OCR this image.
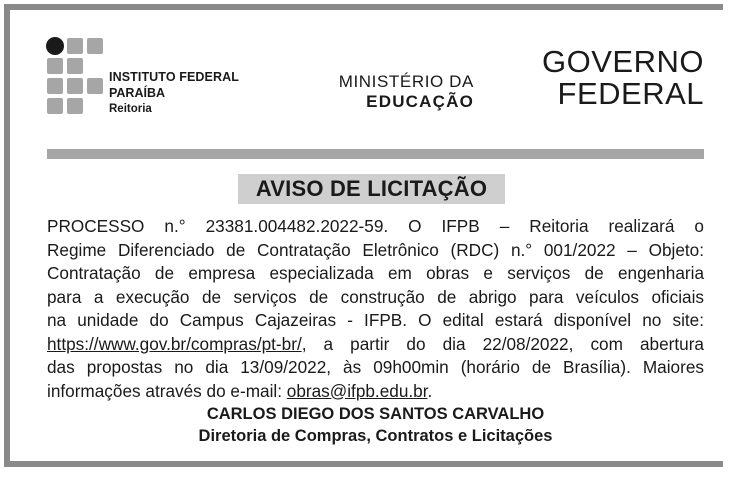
INSTITUTO FEDERAL
PARAÍBA
Reitoria
MINISTÉRIO DA
EDUCAÇÃO
GOVERNO
FEDERAL
AVISO DE LICITAÇÃO
PROCESSO n.° 23381.004482.2022-59. O IFPB – Reitoria realizará o
Regime Diferenciado de Contratação Eletrônico (RDC) n.° 001/2022 – Objeto:
Contratação de empresa especializada em obras e serviços de engenharia
para a execução de serviços de construção de abrigo para veículos oficiais
na unidade do Campus Cajazeiras - IFPB. O edital estará disponível no site:
https://www.gov.br/compras/pt-br/, a partir do dia 22/08/2022, com abertura
das propostas no dia 13/09/2022, às 09h00min (horário de Brasília). Maiores
informações através do e-mail: obras@ifpb.edu.br.
CARLOS DIEGO DOS SANTOS CARVALHO
Diretoria de Compras, Contratos e Licitações
